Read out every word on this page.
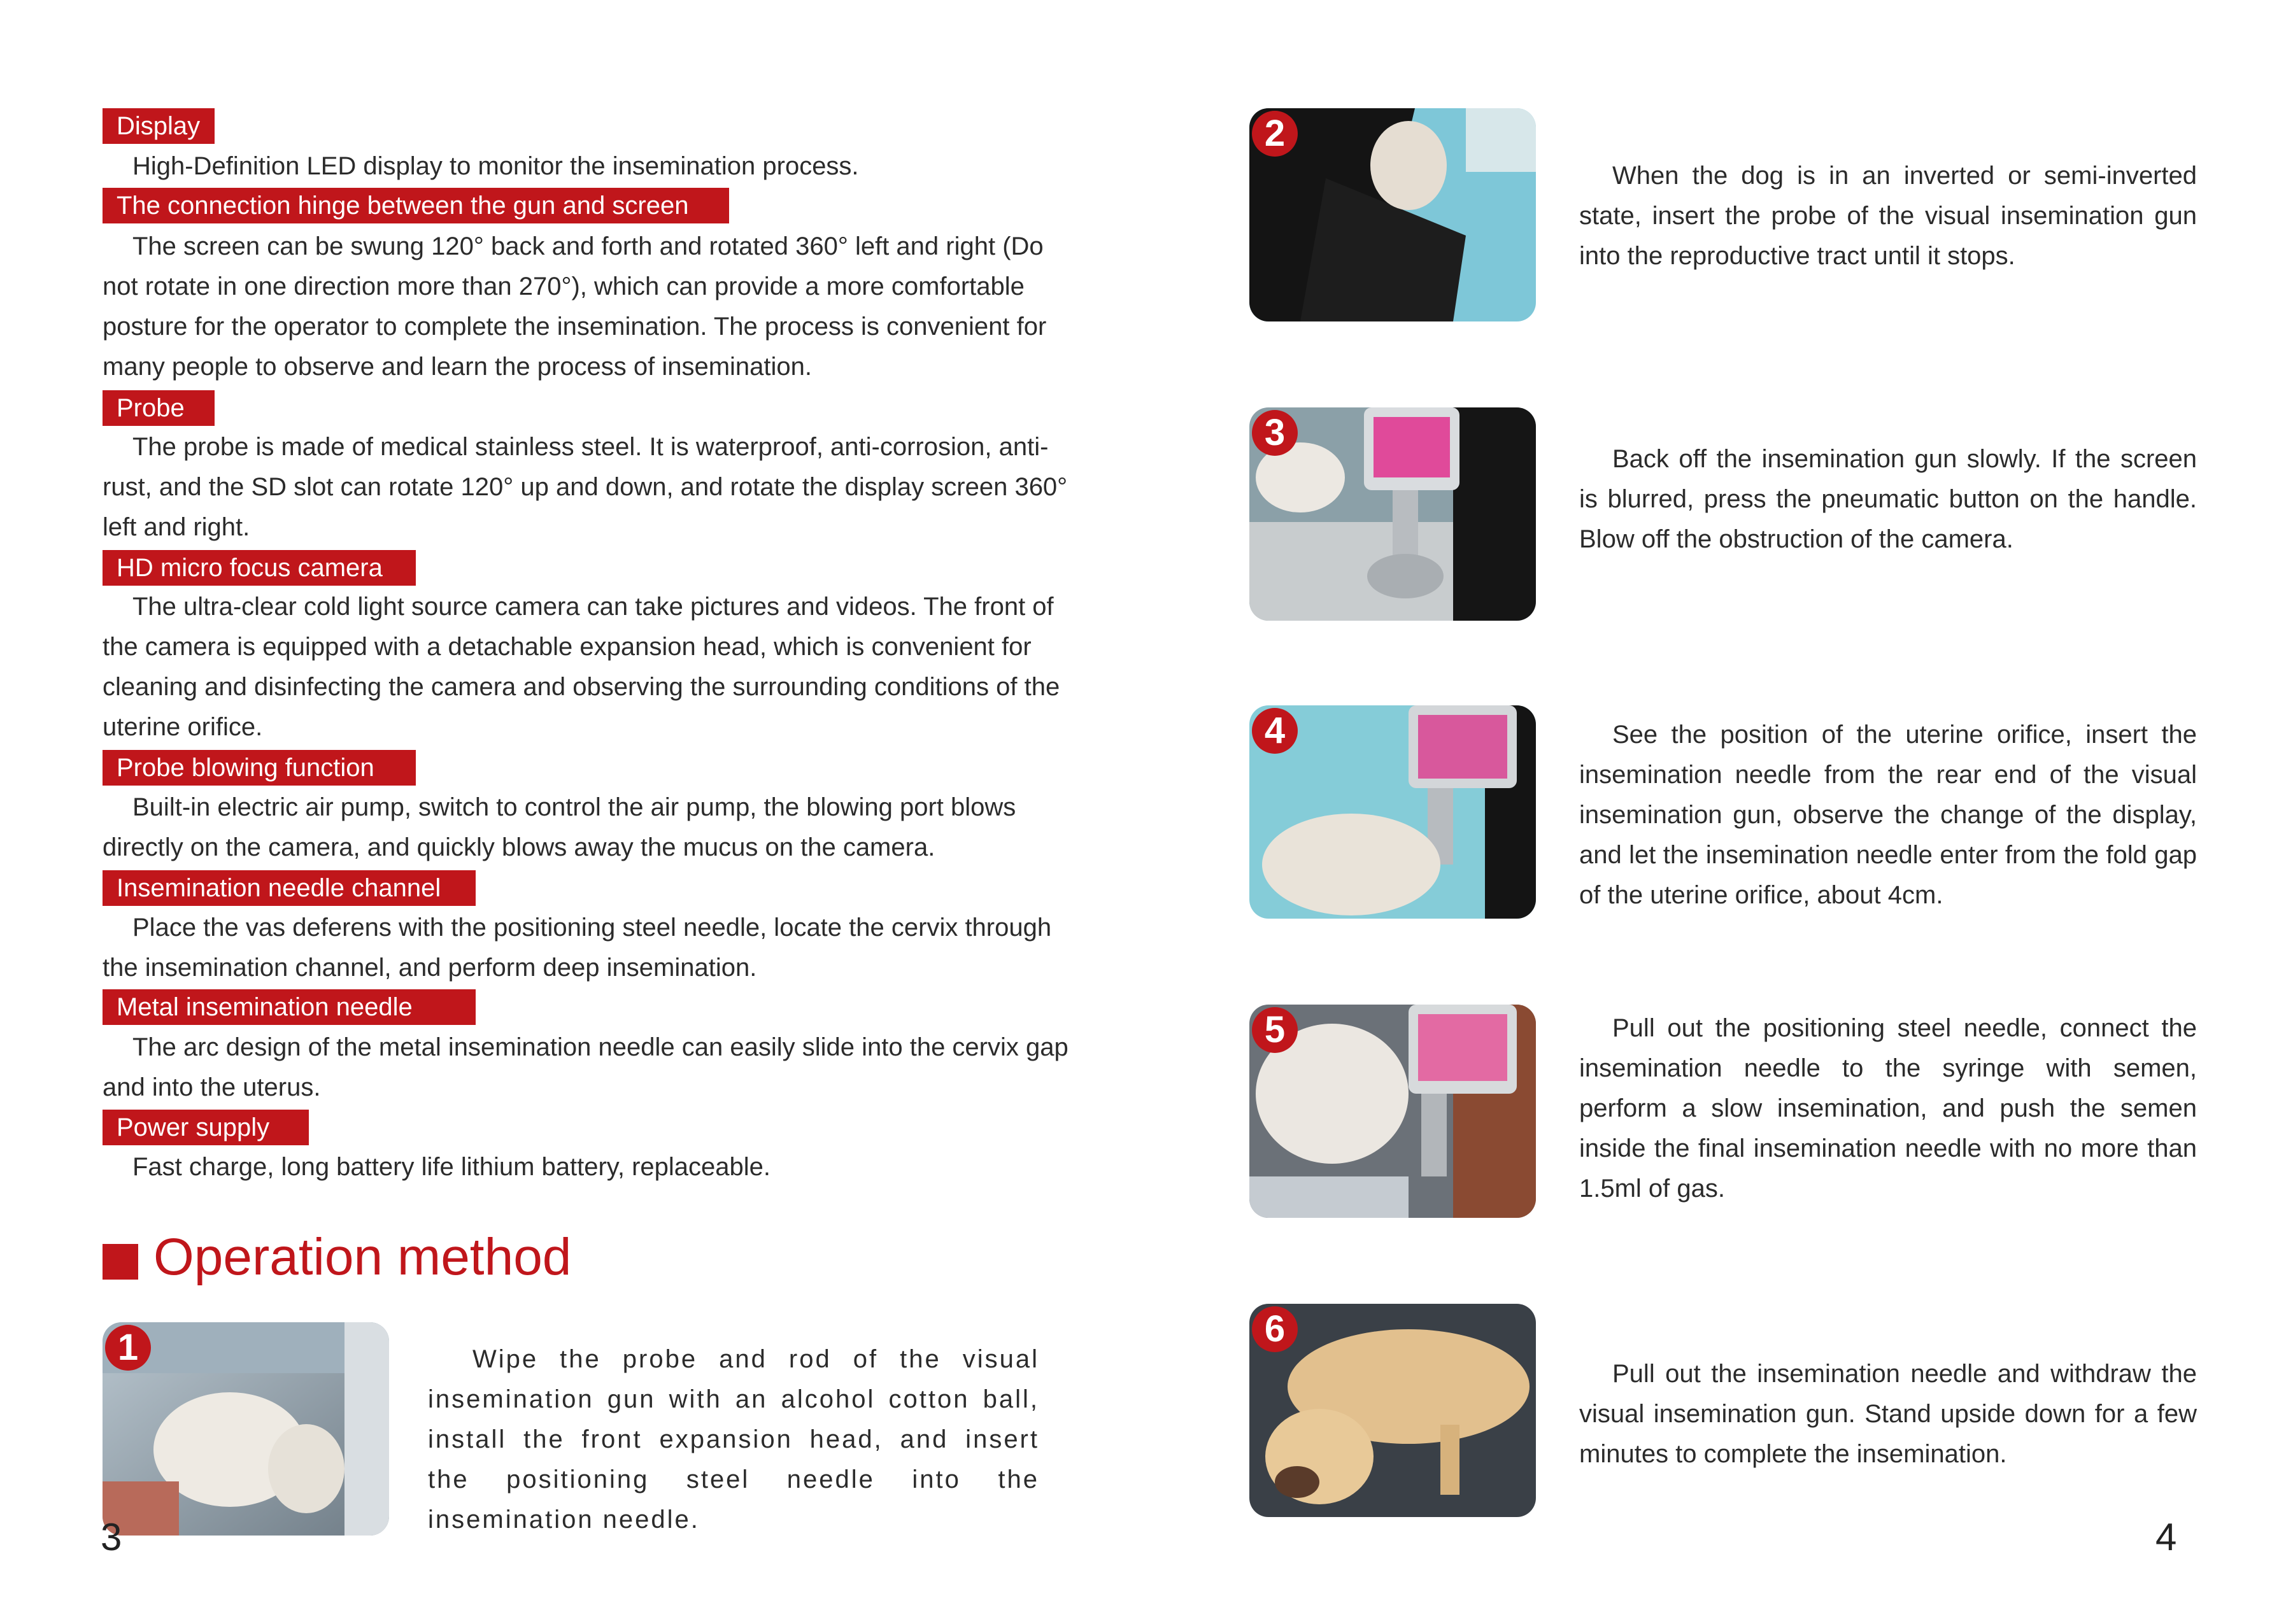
Display
High-Definition LED display to monitor the insemination process.
The connection hinge between the gun and screen
The screen can be swung 120° back and forth and rotated 360° left and right (Do not rotate in one direction more than 270°), which can provide a more comfortable posture for the operator to complete the insemination. The process is convenient for many people to observe and learn the process of insemination.
Probe
The probe is made of medical stainless steel. It is waterproof, anti-corrosion, anti-rust, and the SD slot can rotate 120° up and down, and rotate the display screen 360° left and right.
HD micro focus camera
The ultra-clear cold light source camera can take pictures and videos. The front of the camera is equipped with a detachable expansion head, which is convenient for cleaning and disinfecting the camera and observing the surrounding conditions of the uterine orifice.
Probe blowing function
Built-in electric air pump, switch to control the air pump, the blowing port blows directly on the camera, and quickly blows away the mucus on the camera.
Insemination needle channel
Place the vas deferens with the positioning steel needle, locate the cervix through the insemination channel, and perform deep insemination.
Metal insemination needle
The arc design of the metal insemination needle can easily slide into the cervix gap and into the uterus.
Power supply
Fast charge, long battery life lithium battery, replaceable.
Operation method
1	Wipe the probe and rod of the visual insemination gun with an alcohol cotton ball, install the front expansion head, and insert the positioning steel needle into the insemination needle.
2
When the dog is in an inverted or semi-inverted state, insert the probe of the visual insemination gun into the reproductive tract until it stops.
3
Back off the insemination gun slowly. If the screen is blurred, press the pneumatic button on the handle. Blow off the obstruction of the camera.
4	See the position of the uterine orifice, insert the insemination needle from the rear end of the visual insemination gun, observe the change of the display, and let the insemination needle enter from the fold gap of the uterine orifice, about 4cm.
5	Pull out the positioning steel needle, connect the insemination needle to the syringe with semen, perform a slow insemination, and push the semen inside the final insemination needle with no more than 1.5ml of gas.
6
Pull out the insemination needle and withdraw the visual insemination gun. Stand upside down for a few minutes to complete the insemination.
3	4
